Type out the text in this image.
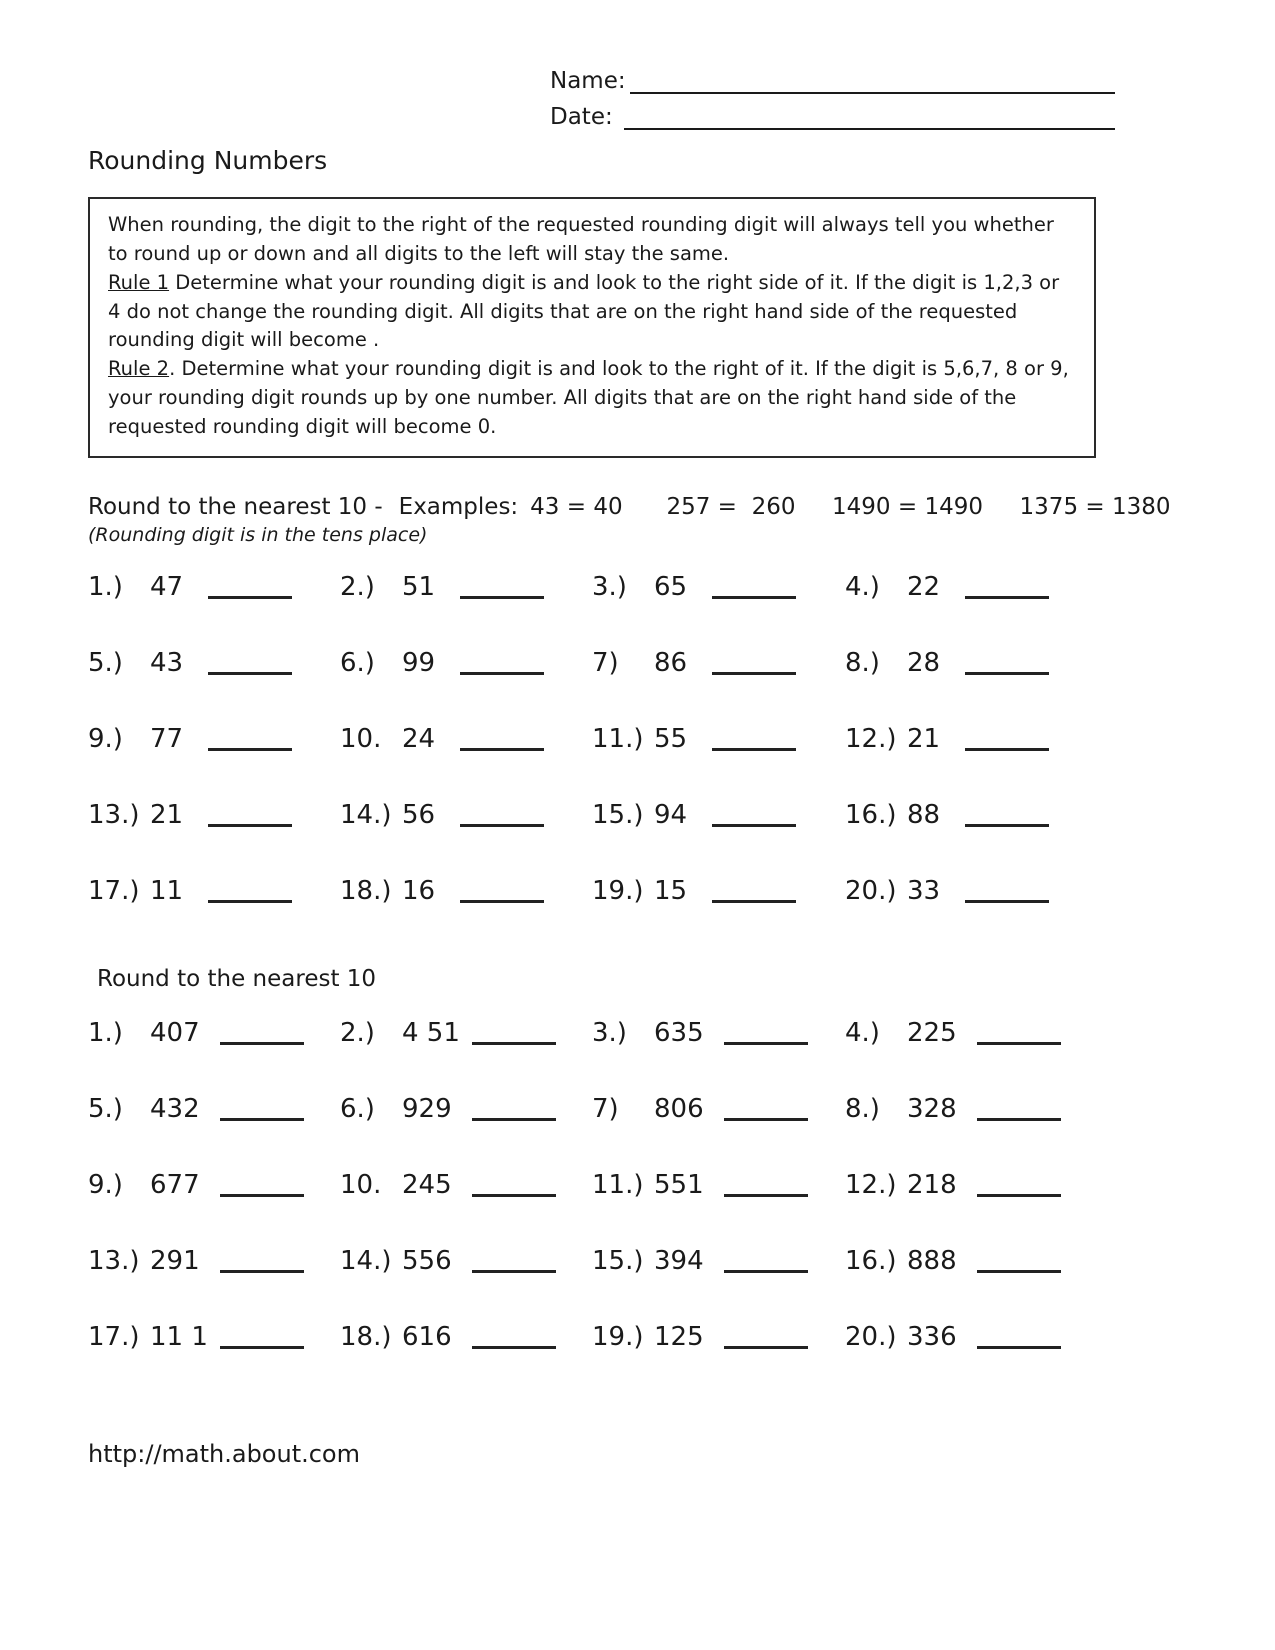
Name:
Date:
Rounding Numbers

When rounding, the digit to the right of the requested rounding digit will always tell you whether to round up or down and all digits to the left will stay the same.

Rule 1 Determine what your rounding digit is and look to the right side of it. If the digit is 1,2,3 or 4 do not change the rounding digit. All digits that are on the right hand side of the requested rounding digit will become .

Rule 2. Determine what your rounding digit is and look to the right of it. If the digit is 5,6,7, 8 or 9, your rounding digit rounds up by one number. All digits that are on the right hand side of the requested rounding digit will become 0.

Round to the nearest 10 - Examples: 43 = 40      257 =  260     1490 = 1490     1375 = 1380
(Rounding digit is in the tens place)
1.) 47	2.) 51	3.) 65	4.) 22
5.) 43	6.) 99	7) 86	8.) 28
9.) 77	10. 24	11.) 55	12.) 21
13.) 21	14.) 56	15.) 94	16.) 88
17.) 11	18.) 16	19.) 15	20.) 33
Round to the nearest 10
1.) 407	2.) 4 51	3.) 635	4.) 225
5.) 432	6.) 929	7) 806	8.) 328
9.) 677	10. 245	11.) 551	12.) 218
13.) 291	14.) 556	15.) 394	16.) 888
17.) 11 1	18.) 616	19.) 125	20.) 336
http://math.about.com
